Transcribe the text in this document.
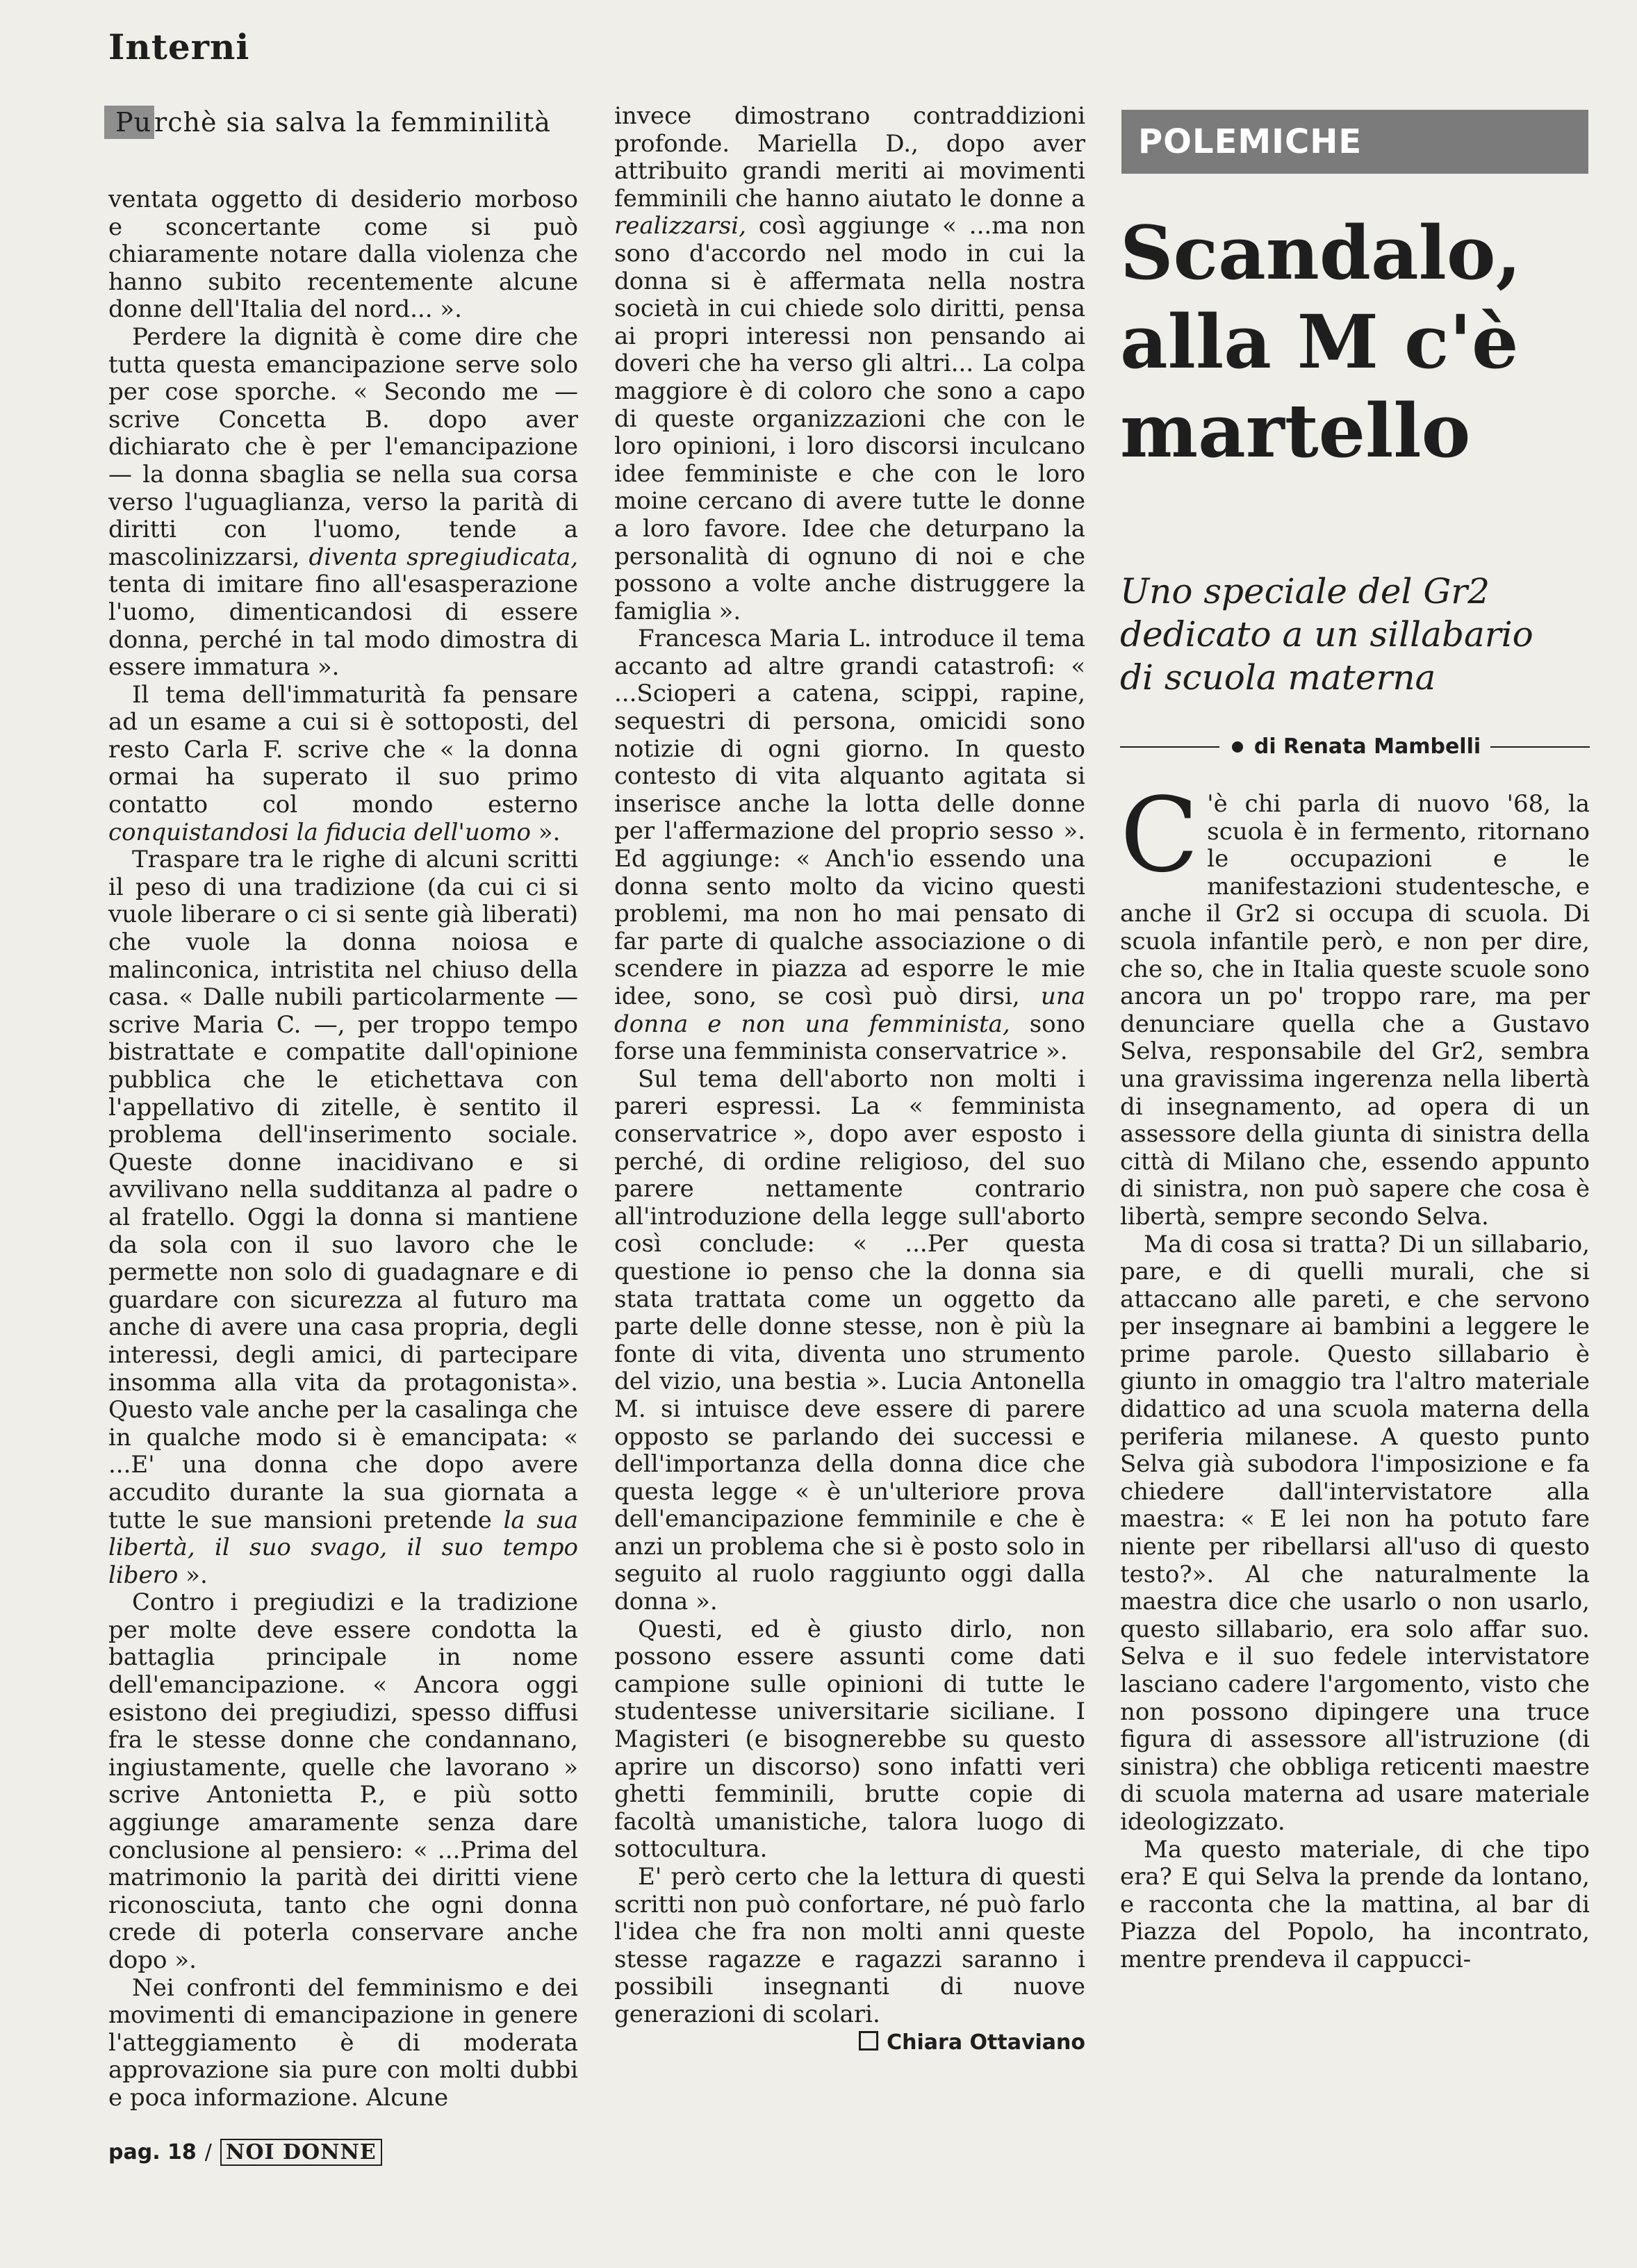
Interni
Pu rchè sia salva la femminilità

ventata oggetto di desiderio morboso e sconcertante come si può chiaramente notare dalla violenza che hanno subito recentemente alcune donne dell'Italia del nord... ».

Perdere la dignità è come dire che tutta questa emancipazione serve solo per cose sporche. « Secondo me — scrive Concetta B. dopo aver dichiarato che è per l'emancipazione — la donna sbaglia se nella sua corsa verso l'uguaglianza, verso la parità di diritti con l'uomo, tende a mascolinizzarsi, diventa spregiudicata, tenta di imitare fino all'esasperazione l'uomo, dimenticandosi di essere donna, perché in tal modo dimostra di essere immatura ».

Il tema dell'immaturità fa pensare ad un esame a cui si è sottoposti, del resto Carla F. scrive che « la donna ormai ha superato il suo primo contatto col mondo esterno conquistandosi la fiducia dell'uomo ».

Traspare tra le righe di alcuni scritti il peso di una tradizione (da cui ci si vuole liberare o ci si sente già liberati) che vuole la donna noiosa e malinconica, intristita nel chiuso della casa. « Dalle nubili particolarmente — scrive Maria C. —, per troppo tempo bistrattate e compatite dall'opinione pubblica che le etichettava con l'appellativo di zitelle, è sentito il problema dell'inserimento sociale. Queste donne inacidivano e si avvilivano nella sudditanza al padre o al fratello. Oggi la donna si mantiene da sola con il suo lavoro che le permette non solo di guadagnare e di guardare con sicurezza al futuro ma anche di avere una casa propria, degli interessi, degli amici, di partecipare insomma alla vita da protagonista». Questo vale anche per la casalinga che in qualche modo si è emancipata: « ...E' una donna che dopo avere accudito durante la sua giornata a tutte le sue mansioni pretende la sua libertà, il suo svago, il suo tempo libero ».

Contro i pregiudizi e la tradizione per molte deve essere condotta la battaglia principale in nome dell'emancipazione. « Ancora oggi esistono dei pregiudizi, spesso diffusi fra le stesse donne che condannano, ingiustamente, quelle che lavorano » scrive Antonietta P., e più sotto aggiunge amaramente senza dare conclusione al pensiero: « ...Prima del matrimonio la parità dei diritti viene riconosciuta, tanto che ogni donna crede di poterla conservare anche dopo ».

Nei confronti del femminismo e dei movimenti di emancipazione in genere l'atteggiamento è di moderata approvazione sia pure con molti dubbi e poca informazione. Alcune

invece dimostrano contraddizioni profonde. Mariella D., dopo aver attribuito grandi meriti ai movimenti femminili che hanno aiutato le donne a realizzarsi, così aggiunge « ...ma non sono d'accordo nel modo in cui la donna si è affermata nella nostra società in cui chiede solo diritti, pensa ai propri interessi non pensando ai doveri che ha verso gli altri... La colpa maggiore è di coloro che sono a capo di queste organizzazioni che con le loro opinioni, i loro discorsi inculcano idee femministe e che con le loro moine cercano di avere tutte le donne a loro favore. Idee che deturpano la personalità di ognuno di noi e che possono a volte anche distruggere la famiglia ».

Francesca Maria L. introduce il tema accanto ad altre grandi catastrofi: « ...Scioperi a catena, scippi, rapine, sequestri di persona, omicidi sono notizie di ogni giorno. In questo contesto di vita alquanto agitata si inserisce anche la lotta delle donne per l'affermazione del proprio sesso ». Ed aggiunge: « Anch'io essendo una donna sento molto da vicino questi problemi, ma non ho mai pensato di far parte di qualche associazione o di scendere in piazza ad esporre le mie idee, sono, se così può dirsi, una donna e non una femminista, sono forse una femminista conservatrice ».

Sul tema dell'aborto non molti i pareri espressi. La « femminista conservatrice », dopo aver esposto i perché, di ordine religioso, del suo parere nettamente contrario all'introduzione della legge sull'aborto così conclude: « ...Per questa questione io penso che la donna sia stata trattata come un oggetto da parte delle donne stesse, non è più la fonte di vita, diventa uno strumento del vizio, una bestia ». Lucia Antonella M. si intuisce deve essere di parere opposto se parlando dei successi e dell'importanza della donna dice che questa legge « è un'ulteriore prova dell'emancipazione femminile e che è anzi un problema che si è posto solo in seguito al ruolo raggiunto oggi dalla donna ».

Questi, ed è giusto dirlo, non possono essere assunti come dati campione sulle opinioni di tutte le studentesse universitarie siciliane. I Magisteri (e bisognerebbe su questo aprire un discorso) sono infatti veri ghetti femminili, brutte copie di facoltà umanistiche, talora luogo di sottocultura.

E' però certo che la lettura di questi scritti non può confortare, né può farlo l'idea che fra non molti anni queste stesse ragazze e ragazzi saranno i possibili insegnanti di nuove generazioni di scolari.

Chiara Ottaviano

POLEMICHE
Scandalo,
alla M c'è
martello
Uno speciale del Gr2
dedicato a un sillabario
di scuola materna
di Renata Mambelli

C 'è chi parla di nuovo '68, la scuola è in fermento, ritornano le occupazioni e le manifestazioni studentesche, e anche il Gr2 si occupa di scuola. Di scuola infantile però, e non per dire, che so, che in Italia queste scuole sono ancora un po' troppo rare, ma per denunciare quella che a Gustavo Selva, responsabile del Gr2, sembra una gravissima ingerenza nella libertà di insegnamento, ad opera di un assessore della giunta di sinistra della città di Milano che, essendo appunto di sinistra, non può sapere che cosa è libertà, sempre secondo Selva.

Ma di cosa si tratta? Di un sillabario, pare, e di quelli murali, che si attaccano alle pareti, e che servono per insegnare ai bambini a leggere le prime parole. Questo sillabario è giunto in omaggio tra l'altro materiale didattico ad una scuola materna della periferia milanese. A questo punto Selva già subodora l'imposizione e fa chiedere dall'intervistatore alla maestra: « E lei non ha potuto fare niente per ribellarsi all'uso di questo testo?». Al che naturalmente la maestra dice che usarlo o non usarlo, questo sillabario, era solo affar suo. Selva e il suo fedele intervistatore lasciano cadere l'argomento, visto che non possono dipingere una truce figura di assessore all'istruzione (di sinistra) che obbliga reticenti maestre di scuola materna ad usare materiale ideologizzato.

Ma questo materiale, di che tipo era? E qui Selva la prende da lontano, e racconta che la mattina, al bar di Piazza del Popolo, ha incontrato, mentre prendeva il cappucci-

pag. 18 / NOI DONNE
